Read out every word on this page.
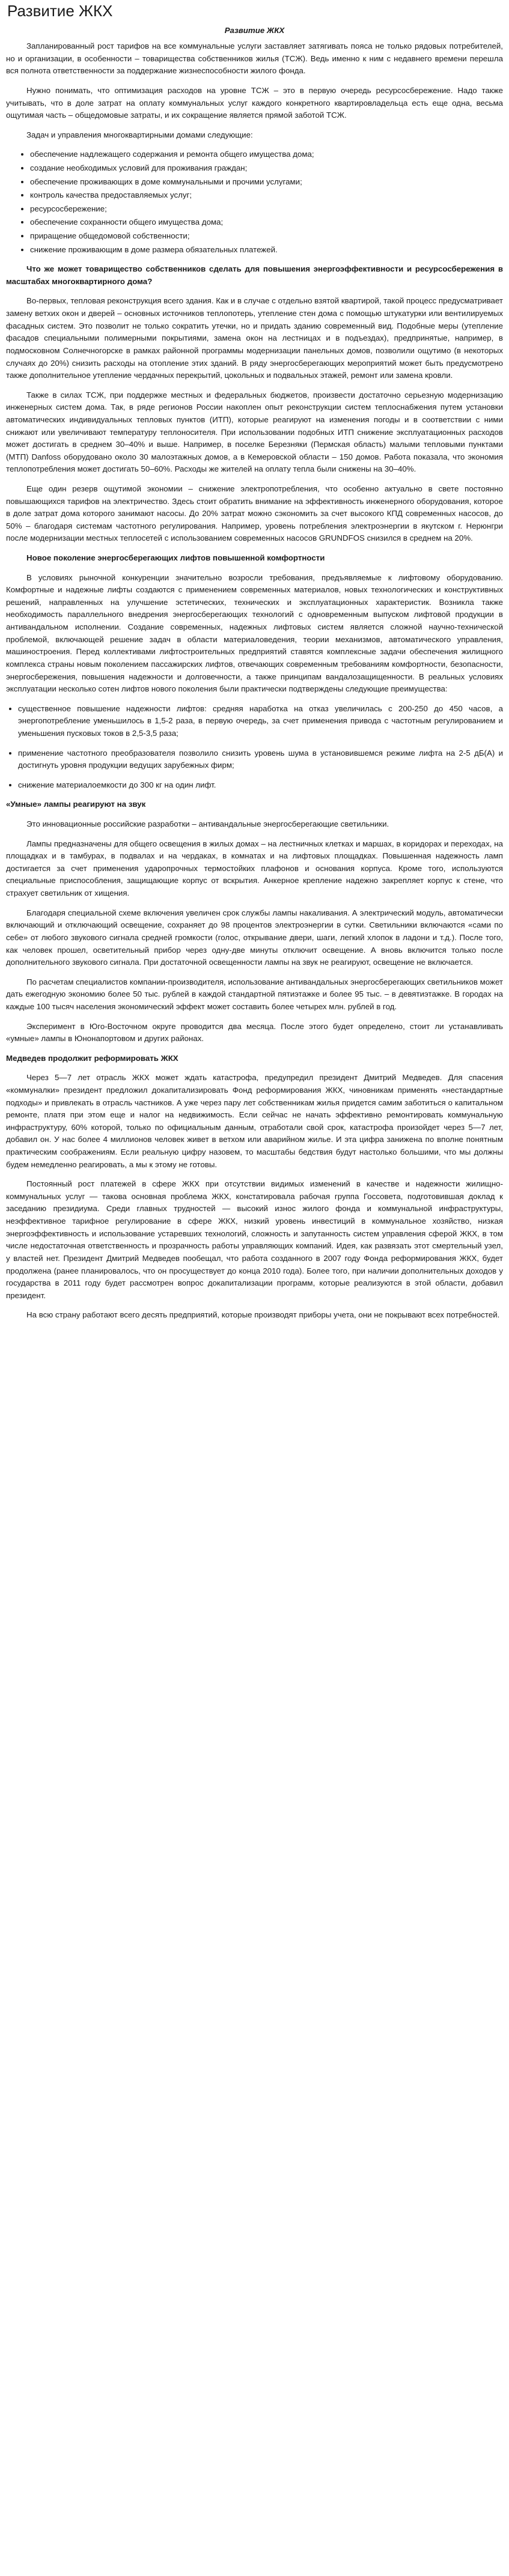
Развитие ЖКХ
Развитие ЖКХ

Запланированный рост тарифов на все коммунальные услуги заставляет затягивать пояса не только рядовых потребителей, но и организации, в особенности – товарищества собственников жилья (ТСЖ). Ведь именно к ним с недавнего времени перешла вся полнота ответственности за поддержание жизнеспособности жилого фонда.

Нужно понимать, что оптимизация расходов на уровне ТСЖ – это в первую очередь ресурсосбережение. Надо также учитывать, что в доле затрат на оплату коммунальных услуг каждого конкретного квартировладельца есть еще одна, весьма ощутимая часть – общедомовые затраты, и их сокращение является прямой заботой ТСЖ.

Задач и управления многоквартирными домами следующие:

• обеспечение надлежащего содержания и ремонта общего имущества дома;
• создание необходимых условий для проживания граждан;
• обеспечение проживающих в доме коммунальными и прочими услугами;
• контроль качества предоставляемых услуг;
• ресурсосбережение;
• обеспечение сохранности общего имущества дома;
• приращение общедомовой собственности;
• снижение проживающим в доме размера обязательных платежей.
Что же может товарищество собственников сделать для повышения энергоэффективности и ресурсосбережения в масштабах многоквартирного дома?

Во-первых, тепловая реконструкция всего здания. Как и в случае с отдельно взятой квартирой, такой процесс предусматривает замену ветхих окон и дверей – основных источников теплопотерь, утепление стен дома с помощью штукатурки или вентилируемых фасадных систем. Это позволит не только сократить утечки, но и придать зданию современный вид. Подобные меры (утепление фасадов специальными полимерными покрытиями, замена окон на лестницах и в подъездах), предпринятые, например, в подмосковном Солнечногорске в рамках районной программы модернизации панельных домов, позволили ощутимо (в некоторых случаях до 20%) снизить расходы на отопление этих зданий. В ряду энергосберегающих мероприятий может быть предусмотрено также дополнительное утепление чердачных перекрытий, цокольных и подвальных этажей, ремонт или замена кровли.

Также в силах ТСЖ, при поддержке местных и федеральных бюджетов, произвести достаточно серьезную модернизацию инженерных систем дома. Так, в ряде регионов России накоплен опыт реконструкции систем теплоснабжения путем установки автоматических индивидуальных тепловых пунктов (ИТП), которые реагируют на изменения погоды и в соответствии с ними снижают или увеличивают температуру теплоносителя. При использовании подобных ИТП снижение эксплуатационных расходов может достигать в среднем 30–40% и выше. Например, в поселке Березняки (Пермская область) малыми тепловыми пунктами (МТП) Danfoss оборудовано около 30 малоэтажных домов, а в Кемеровской области – 150 домов. Работа показала, что экономия теплопотребления может достигать 50–60%. Расходы же жителей на оплату тепла были снижены на 30–40%.

Еще один резерв ощутимой экономии – снижение электропотребления, что особенно актуально в свете постоянно повышающихся тарифов на электричество. Здесь стоит обратить внимание на эффективность инженерного оборудования, которое в доле затрат дома которого занимают насосы. До 20% затрат можно сэкономить за счет высокого КПД современных насосов, до 50% – благодаря системам частотного регулирования. Например, уровень потребления электроэнергии в якутском г. Нерюнгри после модернизации местных теплосетей с использованием современных насосов GRUNDFOS снизился в среднем на 20%.

Новое поколение энергосберегающих лифтов повышенной комфортности

В условиях рыночной конкуренции значительно возросли требования, предъявляемые к лифтовому оборудованию. Комфортные и надежные лифты создаются с применением современных материалов, новых технологических и конструктивных решений, направленных на улучшение эстетических, технических и эксплуатационных характеристик. Возникла также необходимость параллельного внедрения энергосберегающих технологий с одновременным выпуском лифтовой продукции в антивандальном исполнении. Создание современных, надежных лифтовых систем является сложной научно-технической проблемой, включающей решение задач в области материаловедения, теории механизмов, автоматического управления, машиностроения. Перед коллективами лифтостроительных предприятий ставятся комплексные задачи обеспечения жилищного комплекса страны новым поколением пассажирских лифтов, отвечающих современным требованиям комфортности, безопасности, энергосбережения, повышения надежности и долговечности, а также принципам вандалозащищенности. В реальных условиях эксплуатации несколько сотен лифтов нового поколения были практически подтверждены следующие преимущества:

• существенное повышение надежности лифтов: средняя наработка на отказ увеличилась с 200-250 до 450 часов, а энергопотребление уменьшилось в 1,5-2 раза, в первую очередь, за счет применения привода с частотным регулированием и уменьшения пусковых токов в 2,5-3,5 раза;
• применение частотного преобразователя позволило снизить уровень шума в установившемся режиме лифта на 2-5 дБ(А) и достигнуть уровня продукции ведущих зарубежных фирм;
• снижение материалоемкости до 300 кг на один лифт.
«Умные» лампы реагируют на звук

Это инновационные российские разработки – антивандальные энергосберегающие светильники.

Лампы предназначены для общего освещения в жилых домах – на лестничных клетках и маршах, в коридорах и переходах, на площадках и в тамбурах, в подвалах и на чердаках, в комнатах и на лифтовых площадках. Повышенная надежность ламп достигается за счет применения ударопрочных термостойких плафонов и основания корпуса. Кроме того, используются специальные приспособления, защищающие корпус от вскрытия. Анкерное крепление надежно закрепляет корпус к стене, что страхует светильник от хищения.

Благодаря специальной схеме включения увеличен срок службы лампы накаливания. А электрический модуль, автоматически включающий и отключающий освещение, сохраняет до 98 процентов электроэнергии в сутки. Светильники включаются «сами по себе» от любого звукового сигнала средней громкости (голос, открывание двери, шаги, легкий хлопок в ладони и т.д.). После того, как человек прошел, осветительный прибор через одну-две минуты отключит освещение. А вновь включится только после дополнительного звукового сигнала. При достаточной освещенности лампы на звук не реагируют, освещение не включается.

По расчетам специалистов компании-производителя, использование антивандальных энергосберегающих светильников может дать ежегодную экономию более 50 тыс. рублей в каждой стандартной пятиэтажке и более 95 тыс. – в девятиэтажке. В городах на каждые 100 тысяч населения экономический эффект может составить более четырех млн. рублей в год.

Эксперимент в Юго-Восточном округе проводится два месяца. После этого будет определено, стоит ли устанавливать «умные» лампы в Юнонапортовом и других районах.

Медведев продолжит реформировать ЖКХ

Через 5—7 лет отрасль ЖКХ может ждать катастрофа, предупредил президент Дмитрий Медведев. Для спасения «коммуналки» президент предложил докапитализировать Фонд реформирования ЖКХ, чиновникам применять «нестандартные подходы» и привлекать в отрасль частников. А уже через пару лет собственникам жилья придется самим заботиться о капитальном ремонте, платя при этом еще и налог на недвижимость. Если сейчас не начать эффективно ремонтировать коммунальную инфраструктуру, 60% которой, только по официальным данным, отработали свой срок, катастрофа произойдет через 5—7 лет, добавил он. У нас более 4 миллионов человек живет в ветхом или аварийном жилье. И эта цифра занижена по вполне понятным практическим соображениям. Если реальную цифру назовем, то масштабы бедствия будут настолько большими, что мы должны будем немедленно реагировать, а мы к этому не готовы.

Постоянный рост платежей в сфере ЖКХ при отсутствии видимых изменений в качестве и надежности жилищно-коммунальных услуг — такова основная проблема ЖКХ, констатировала рабочая группа Госсовета, подготовившая доклад к заседанию президиума. Среди главных трудностей — высокий износ жилого фонда и коммунальной инфраструктуры, неэффективное тарифное регулирование в сфере ЖКХ, низкий уровень инвестиций в коммунальное хозяйство, низкая энергоэффективность и использование устаревших технологий, сложность и запутанность систем управления сферой ЖКХ, в том числе недостаточная ответственность и прозрачность работы управляющих компаний. Идея, как развязать этот смертельный узел, у властей нет. Президент Дмитрий Медведев пообещал, что работа созданного в 2007 году Фонда реформирования ЖКХ, будет продолжена (ранее планировалось, что он просуществует до конца 2010 года). Более того, при наличии дополнительных доходов у государства в 2011 году будет рассмотрен вопрос докапитализации программ, которые реализуются в этой области, добавил президент.

На всю страну работают всего десять предприятий, которые производят приборы учета, они не покрывают всех потребностей.
